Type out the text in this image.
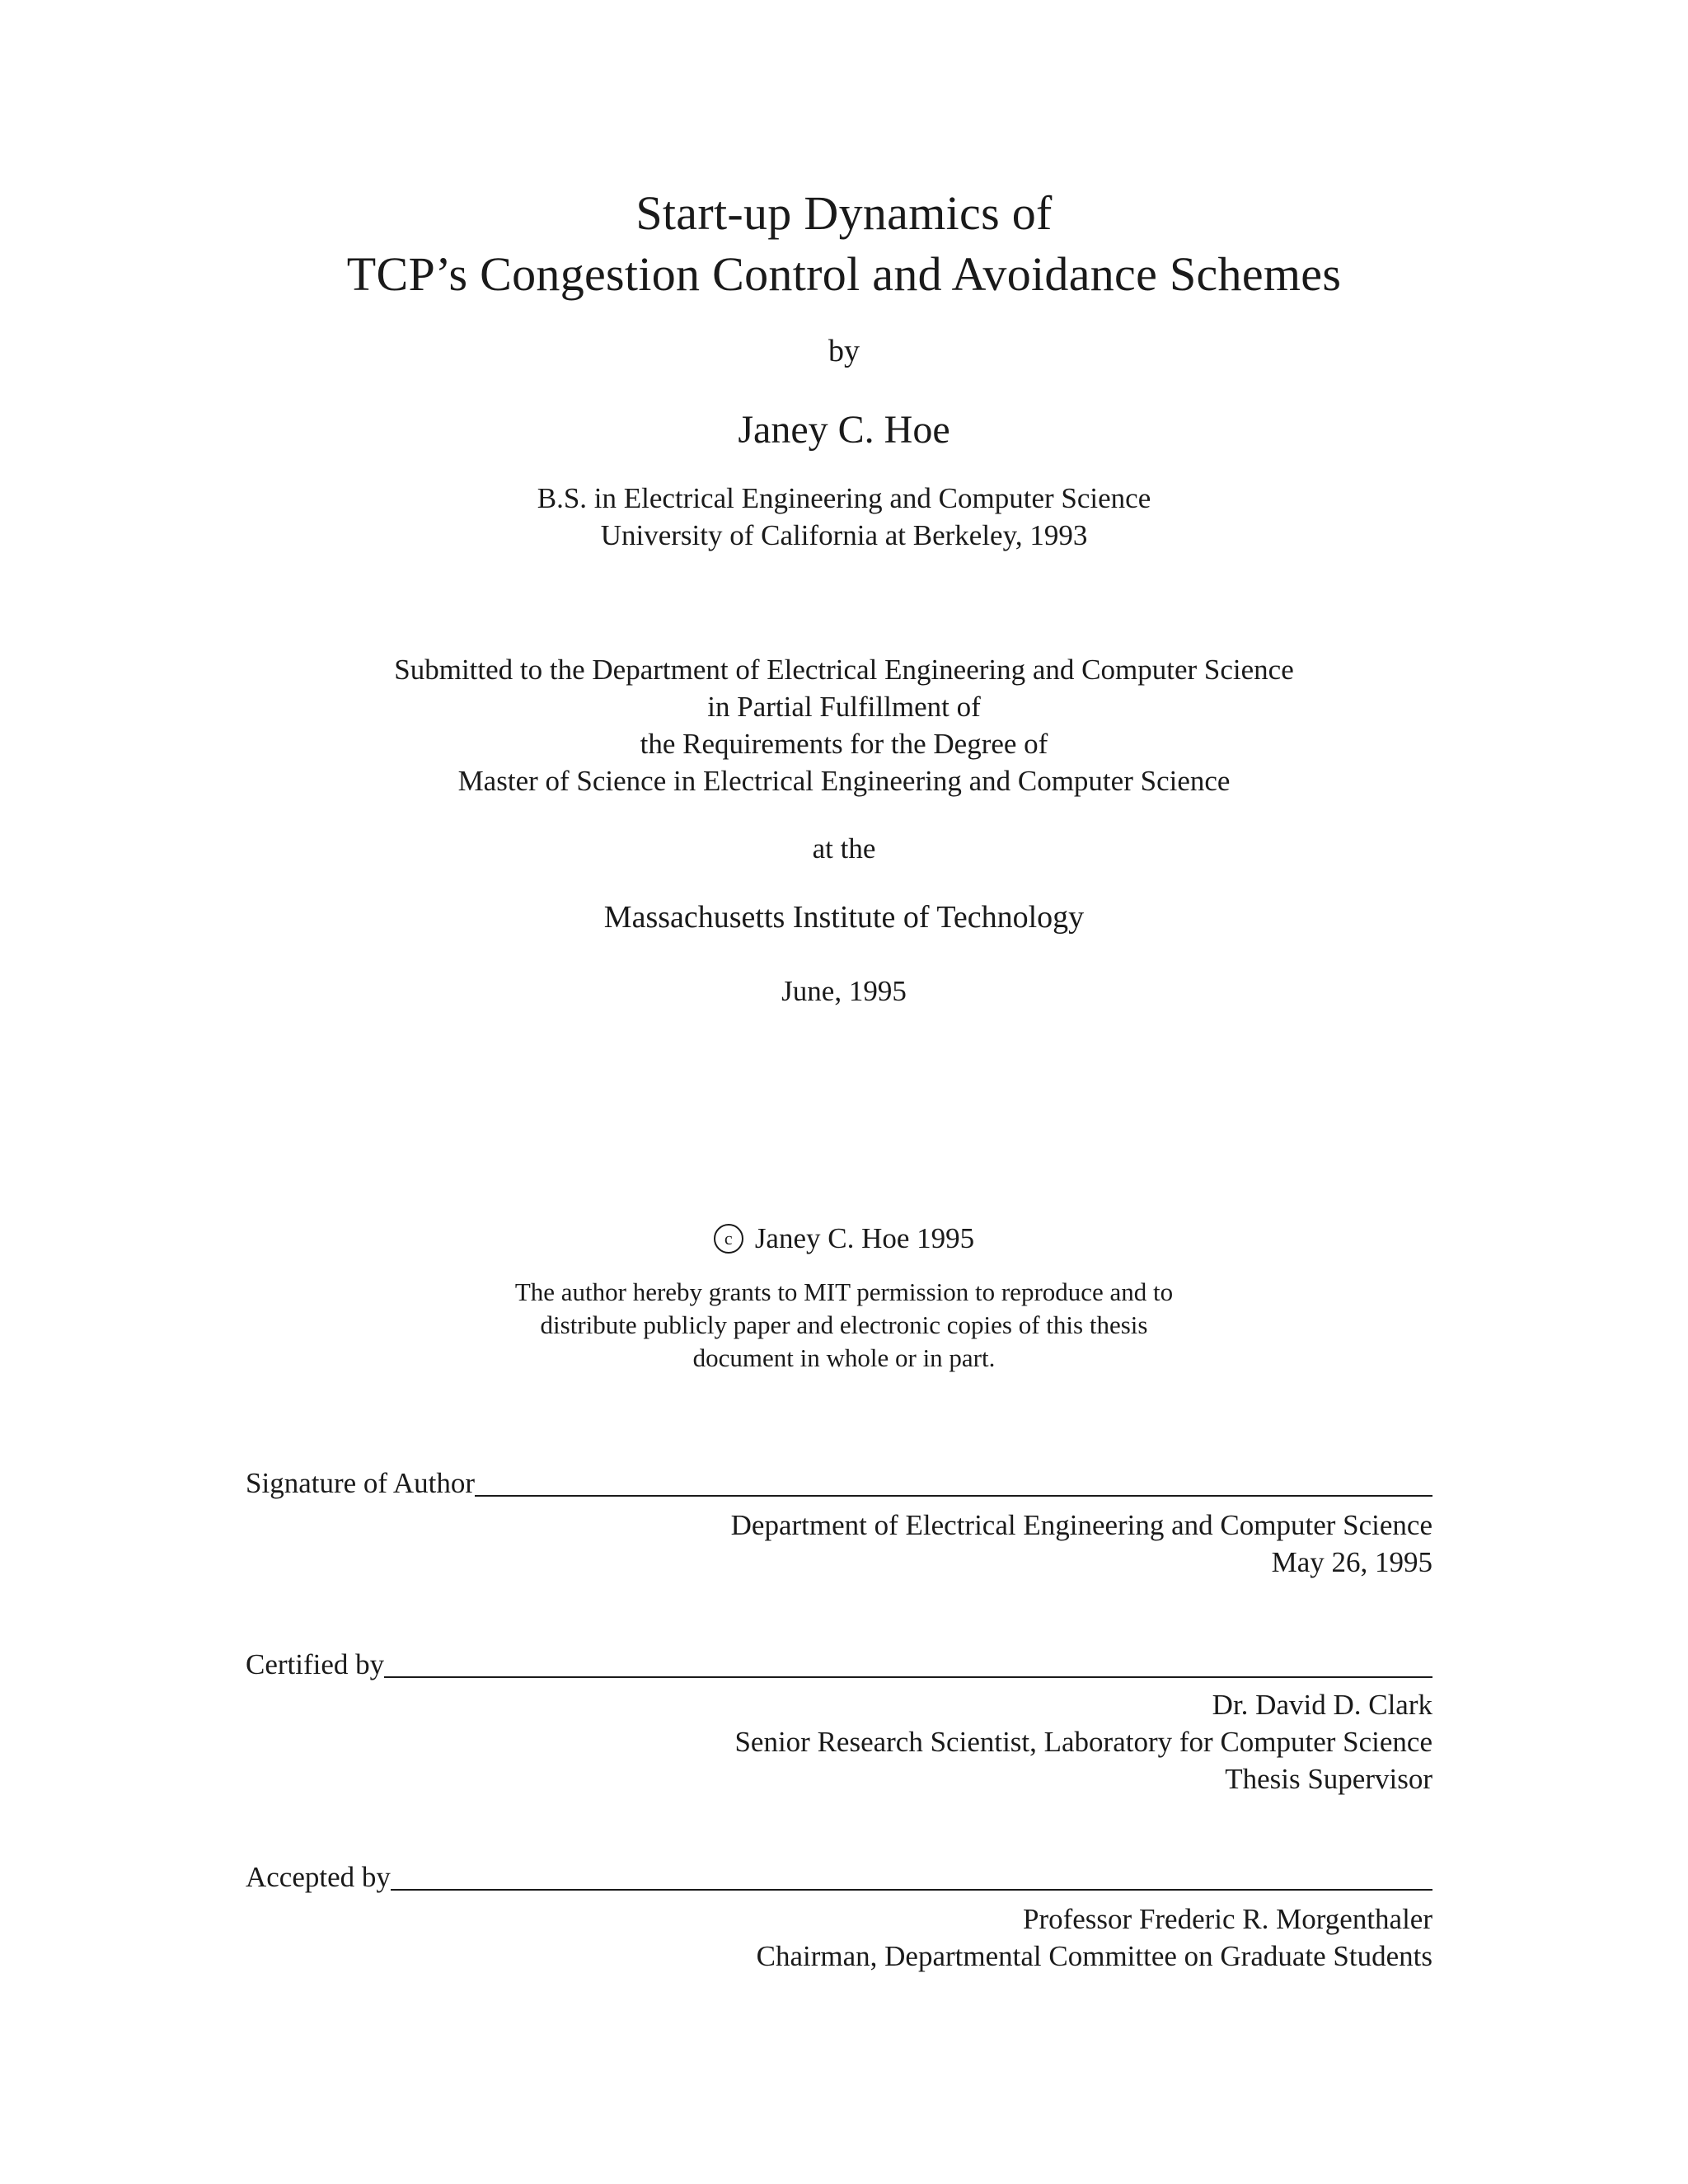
Start-up Dynamics of
TCP’s Congestion Control and Avoidance Schemes
by
Janey C. Hoe
B.S. in Electrical Engineering and Computer Science
University of California at Berkeley, 1993
Submitted to the Department of Electrical Engineering and Computer Science
in Partial Fulfillment of
the Requirements for the Degree of
Master of Science in Electrical Engineering and Computer Science
at the
Massachusetts Institute of Technology
June, 1995
c Janey C. Hoe 1995
The author hereby grants to MIT permission to reproduce and to
distribute publicly paper and electronic copies of this thesis
document in whole or in part.
Signature of Author
Department of Electrical Engineering and Computer Science
May 26, 1995
Certified by
Dr. David D. Clark
Senior Research Scientist, Laboratory for Computer Science
Thesis Supervisor
Accepted by
Professor Frederic R. Morgenthaler
Chairman, Departmental Committee on Graduate Students
